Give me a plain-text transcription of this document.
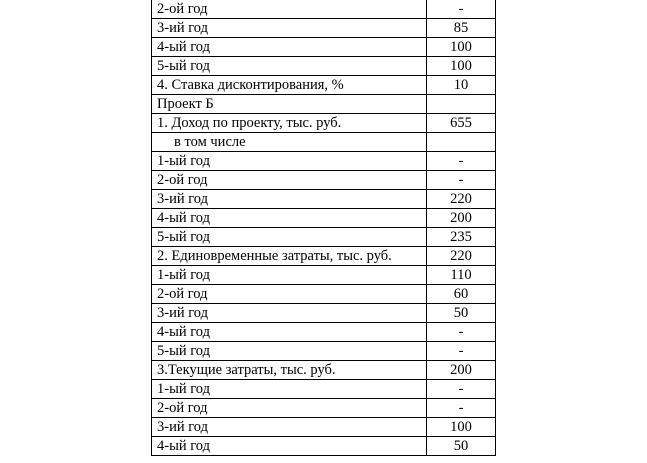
2-ой год	-
3-ий год	85
4-ый год	100
5-ый год	100
4. Ставка дисконтирования, %	10
Проект Б	
1. Доход по проекту, тыс. руб.	655
в том числе	
1-ый год	-
2-ой год	-
3-ий год	220
4-ый год	200
5-ый год	235
2. Единовременные затраты, тыс. руб.	220
1-ый год	110
2-ой год	60
3-ий год	50
4-ый год	-
5-ый год	-
3.Текущие затраты, тыс. руб.	200
1-ый год	-
2-ой год	-
3-ий год	100
4-ый год	50
